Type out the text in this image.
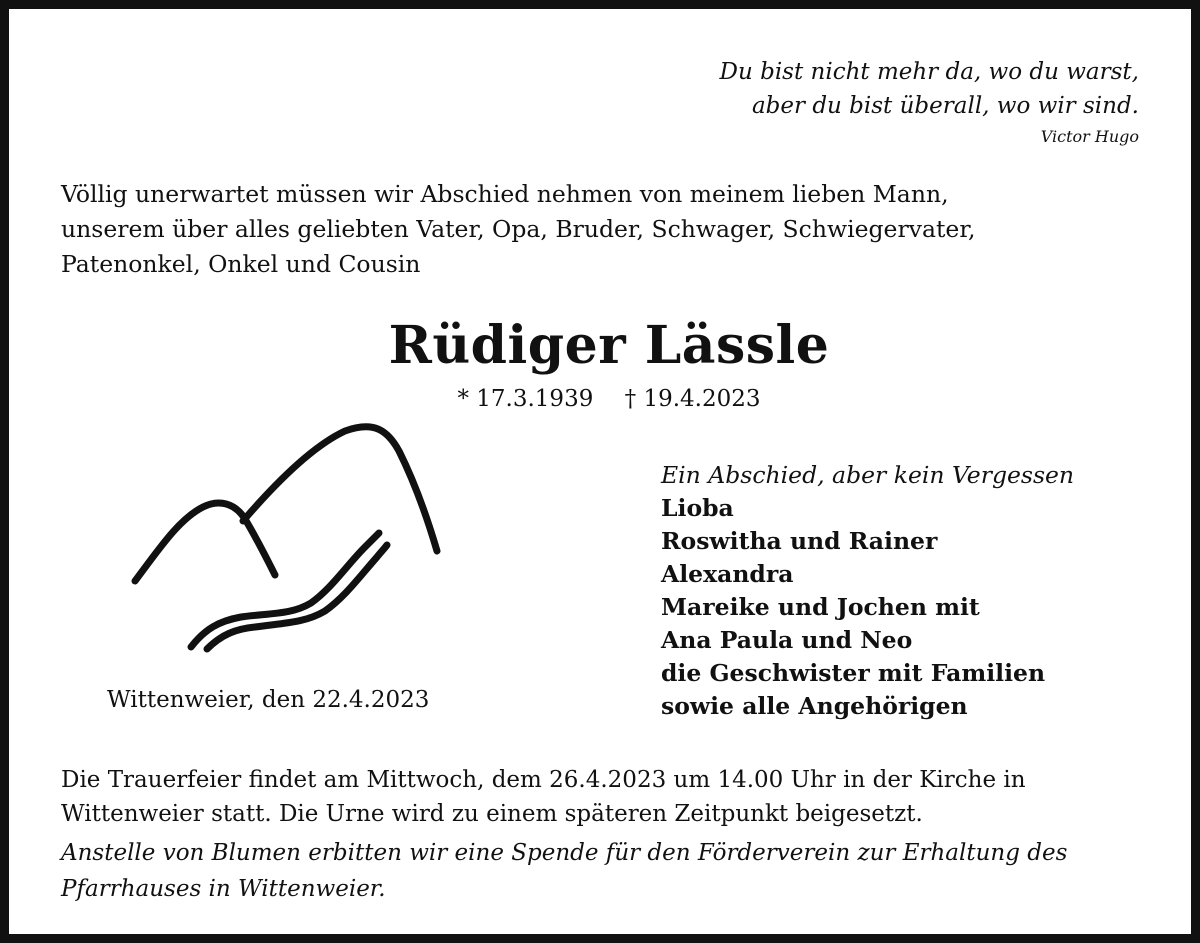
Du bist nicht mehr da, wo du warst,
aber du bist überall, wo wir sind.
Victor Hugo
Völlig unerwartet müssen wir Abschied nehmen von meinem lieben Mann,
unserem über alles geliebten Vater, Opa, Bruder, Schwager, Schwiegervater,
Patenonkel, Onkel und Cousin
Rüdiger Lässle
* 17.3.1939 † 19.4.2023
Wittenweier, den 22.4.2023
Ein Abschied, aber kein Vergessen
Lioba
Roswitha und Rainer
Alexandra
Mareike und Jochen mit
Ana Paula und Neo
die Geschwister mit Familien
sowie alle Angehörigen
Die Trauerfeier findet am Mittwoch, dem 26.4.2023 um 14.00 Uhr in der Kirche in
Wittenweier statt. Die Urne wird zu einem späteren Zeitpunkt beigesetzt.
Anstelle von Blumen erbitten wir eine Spende für den Förderverein zur Erhaltung des
Pfarrhauses in Wittenweier.
